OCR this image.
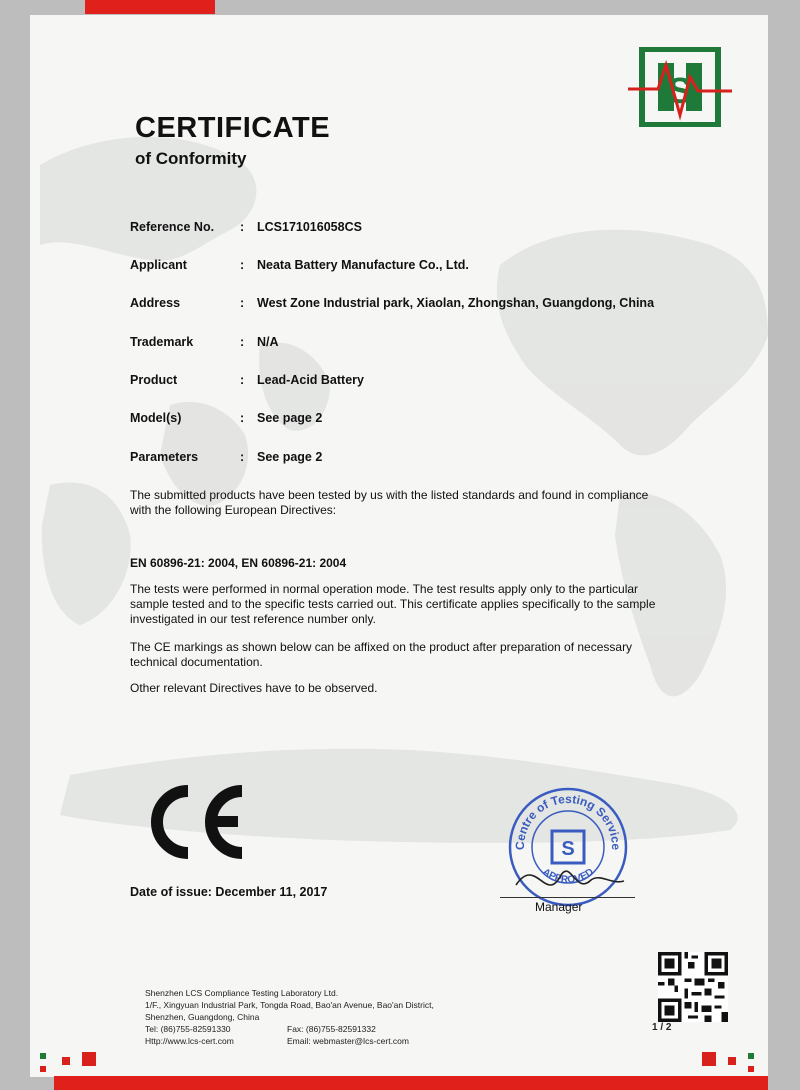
S
CERTIFICATE
of Conformity
Reference No.	: LCS171016058CS
Applicant	: Neata Battery Manufacture Co., Ltd.
Address	: West Zone Industrial park, Xiaolan, Zhongshan, Guangdong, China
Trademark	: N/A
Product	: Lead-Acid Battery
Model(s)	: See page 2
Parameters	: See page 2
The submitted products have been tested by us with the listed standards and found in compliance with the following European Directives:
EN 60896-21: 2004, EN 60896-21: 2004
The tests were performed in normal operation mode. The test results apply only to the particular sample tested and to the specific tests carried out. This certificate applies specifically to the sample investigated in our test reference number only.
The CE markings as shown below can be affixed on the product after preparation of necessary technical documentation.
Other relevant Directives have to be observed.
Date of issue: December 11, 2017
Centre of Testing Service
APPROVED
S
Manager
Shenzhen LCS Compliance Testing Laboratory Ltd.
1/F., Xingyuan Industrial Park, Tongda Road, Bao'an Avenue, Bao'an District,
Shenzhen, Guangdong, China
Tel: (86)755-82591330	Fax: (86)755-82591332
Http://www.lcs-cert.com	Email: webmaster@lcs-cert.com
1 / 2
